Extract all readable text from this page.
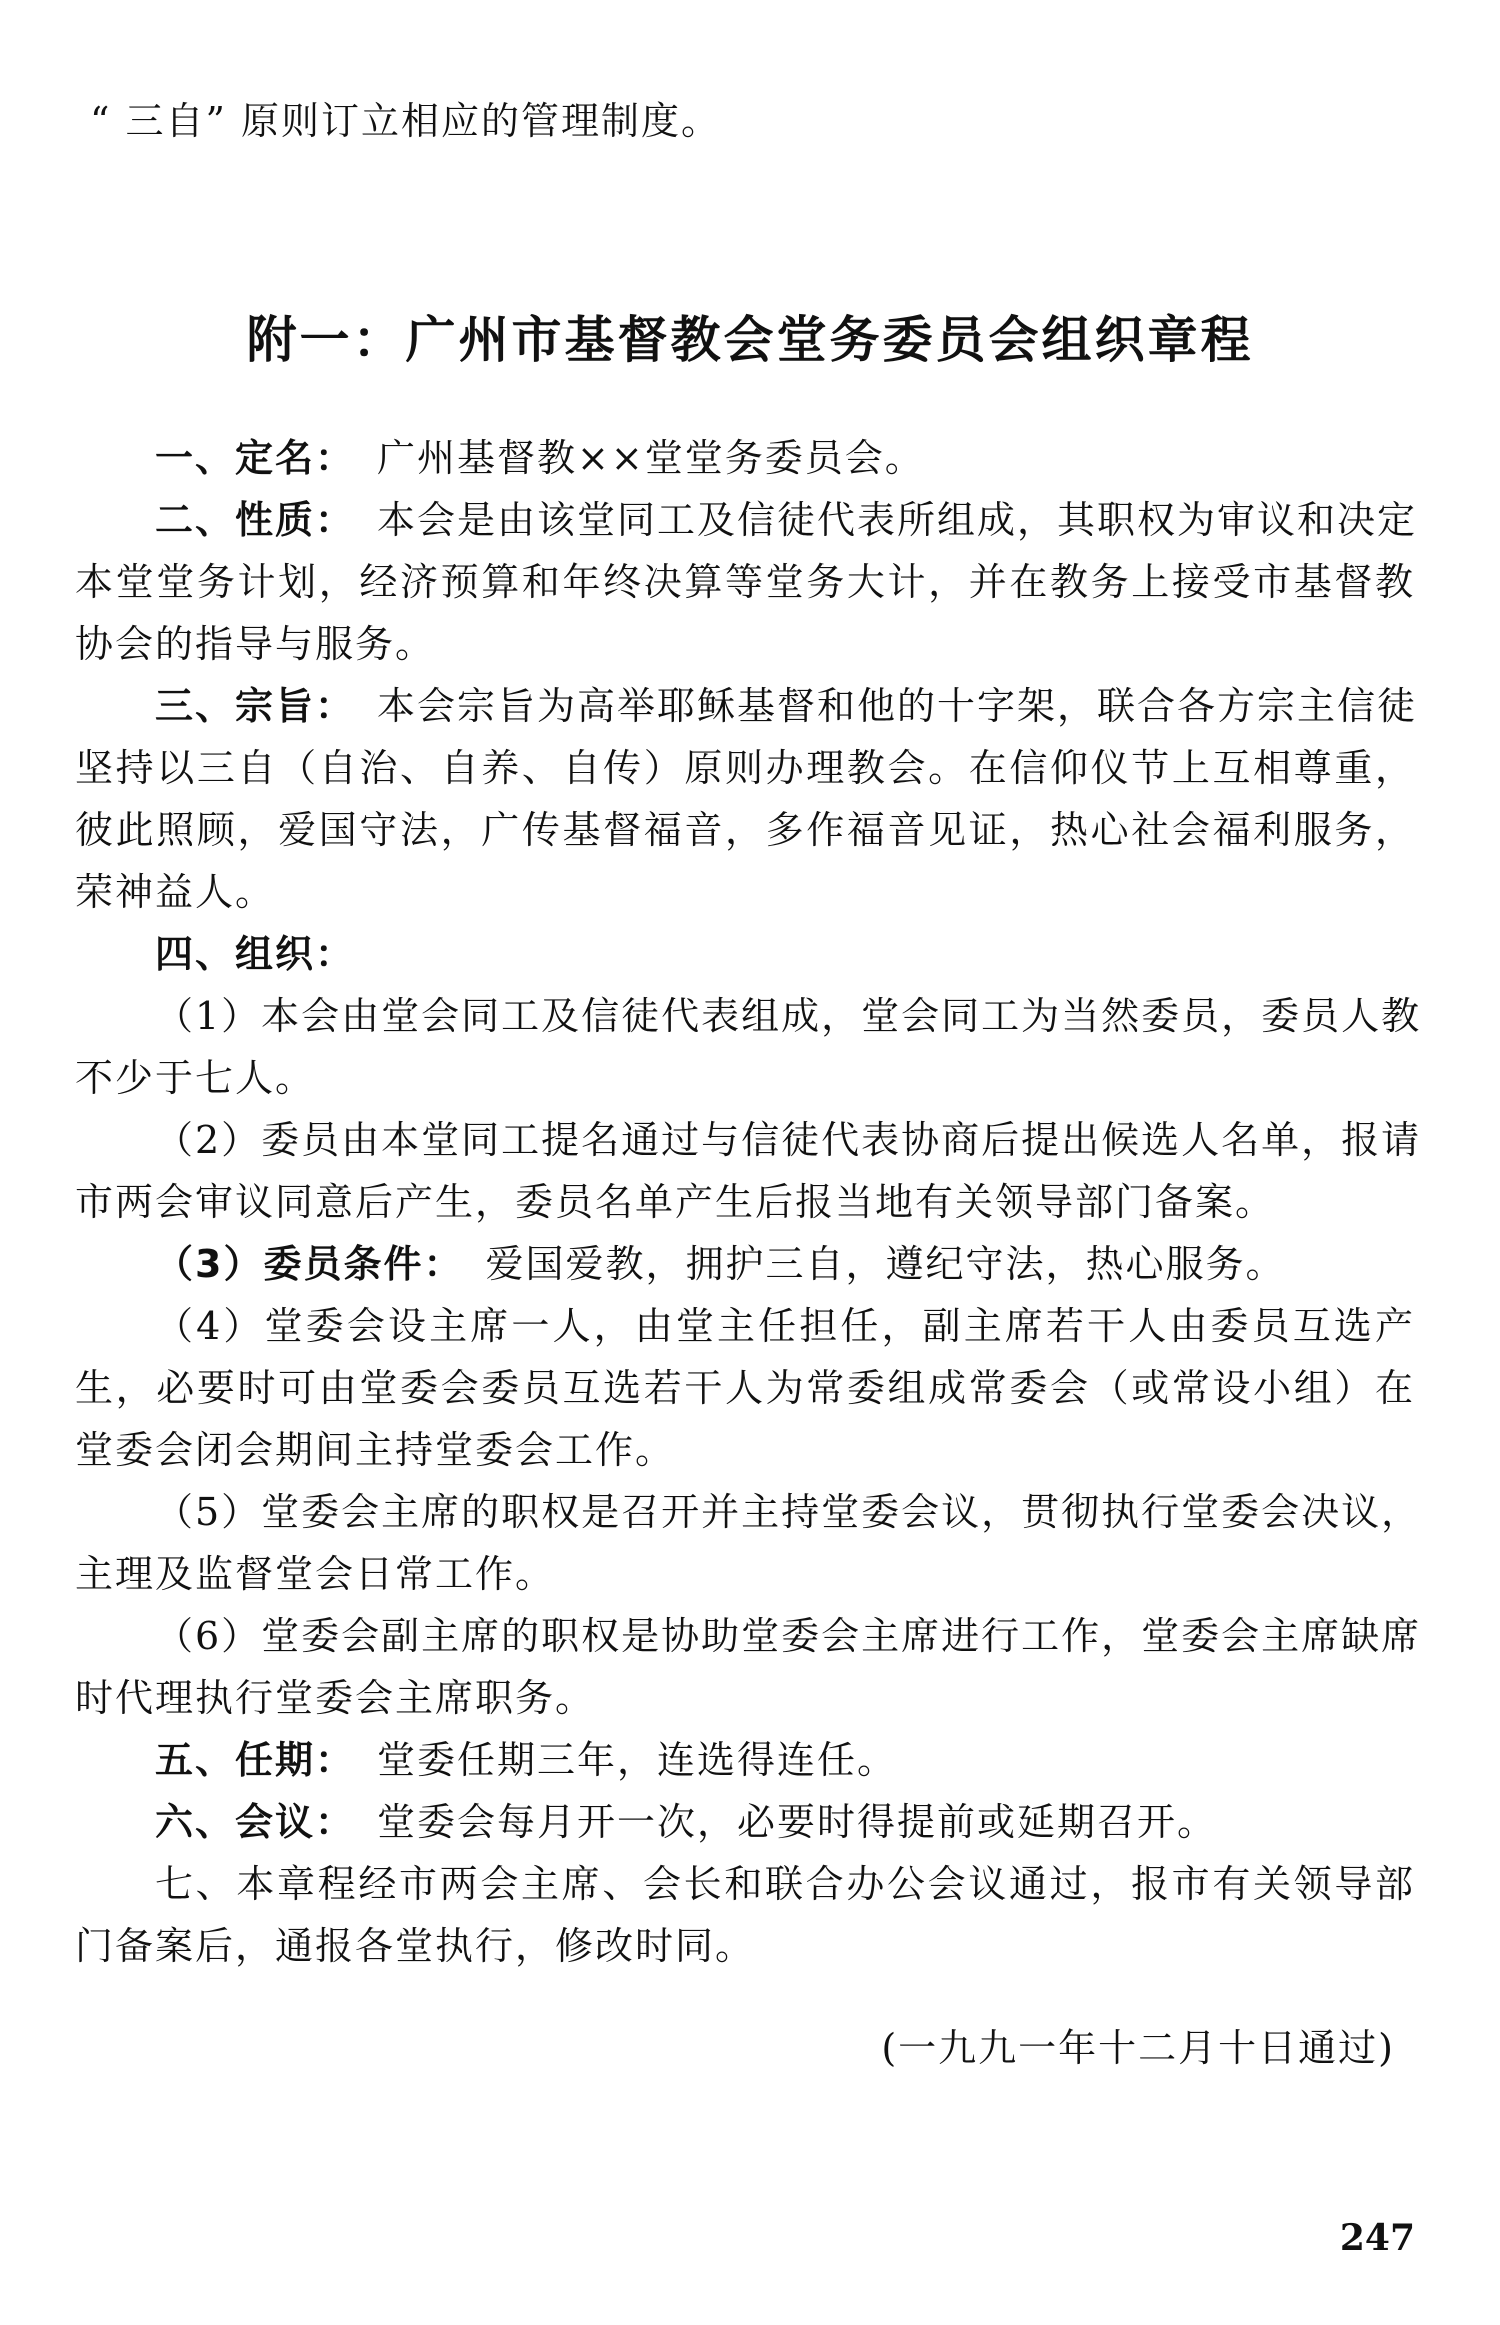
“ 三自” 原则订立相应的管理制度。
附一：广州市基督教会堂务委员会组织章程
一、定名： 广州基督教××堂堂务委员会。
二、性质： 本会是由该堂同工及信徒代表所组成，其职权为审议和决定
本堂堂务计划，经济预算和年终决算等堂务大计，并在教务上接受市基督教
协会的指导与服务。
三、宗旨： 本会宗旨为高举耶稣基督和他的十字架，联合各方宗主信徒
坚持以三自（自治、自养、自传）原则办理教会。在信仰仪节上互相尊重，
彼此照顾，爱国守法，广传基督福音，多作福音见证，热心社会福利服务，
荣神益人。
四、组织：
（1）本会由堂会同工及信徒代表组成，堂会同工为当然委员，委员人教
不少于七人。
（2）委员由本堂同工提名通过与信徒代表协商后提出候选人名单，报请
市两会审议同意后产生，委员名单产生后报当地有关领导部门备案。
（3）委员条件： 爱国爱教，拥护三自，遵纪守法，热心服务。
（4）堂委会设主席一人，由堂主任担任，副主席若干人由委员互选产
生，必要时可由堂委会委员互选若干人为常委组成常委会（或常设小组）在
堂委会闭会期间主持堂委会工作。
（5）堂委会主席的职权是召开并主持堂委会议，贯彻执行堂委会决议，
主理及监督堂会日常工作。
（6）堂委会副主席的职权是协助堂委会主席进行工作，堂委会主席缺席
时代理执行堂委会主席职务。
五、任期： 堂委任期三年，连选得连任。
六、会议： 堂委会每月开一次，必要时得提前或延期召开。
七、本章程经市两会主席、会长和联合办公会议通过，报市有关领导部
门备案后，通报各堂执行，修改时同。
(一九九一年十二月十日通过)
247
